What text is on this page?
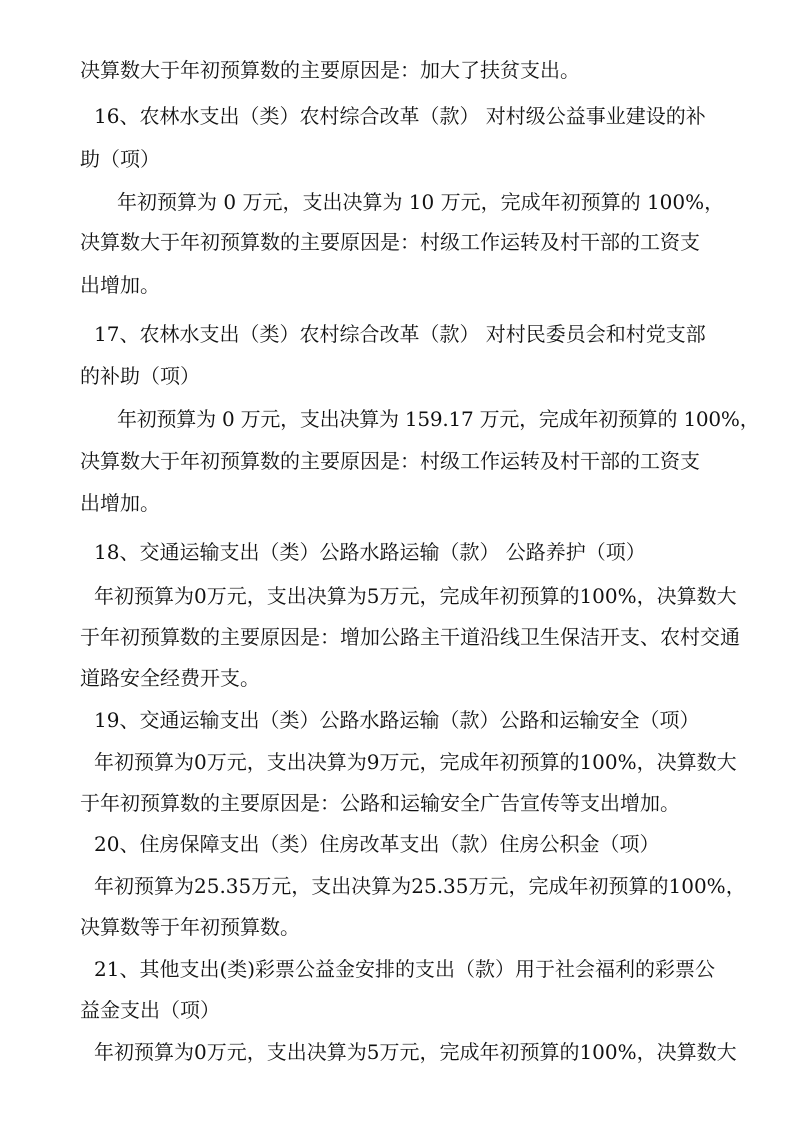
决算数大于年初预算数的主要原因是：加大了扶贫支出。
16、农林水支出（类）农村综合改革（款） 对村级公益事业建设的补
助（项）
年初预算为 0 万元，支出决算为 10 万元，完成年初预算的 100%，
决算数大于年初预算数的主要原因是：村级工作运转及村干部的工资支
出增加。
17、农林水支出（类）农村综合改革（款） 对村民委员会和村党支部
的补助（项）
年初预算为 0 万元，支出决算为 159.17 万元，完成年初预算的 100%，
决算数大于年初预算数的主要原因是：村级工作运转及村干部的工资支
出增加。
18、交通运输支出（类）公路水路运输（款） 公路养护（项）
年初预算为0万元，支出决算为5万元，完成年初预算的100%，决算数大
于年初预算数的主要原因是：增加公路主干道沿线卫生保洁开支、农村交通
道路安全经费开支。
19、交通运输支出（类）公路水路运输（款）公路和运输安全（项）
年初预算为0万元，支出决算为9万元，完成年初预算的100%，决算数大
于年初预算数的主要原因是：公路和运输安全广告宣传等支出增加。
20、住房保障支出（类）住房改革支出（款）住房公积金（项）
年初预算为25.35万元，支出决算为25.35万元，完成年初预算的100%，
决算数等于年初预算数。
21、其他支出(类)彩票公益金安排的支出（款）用于社会福利的彩票公
益金支出（项）
年初预算为0万元，支出决算为5万元，完成年初预算的100%，决算数大
